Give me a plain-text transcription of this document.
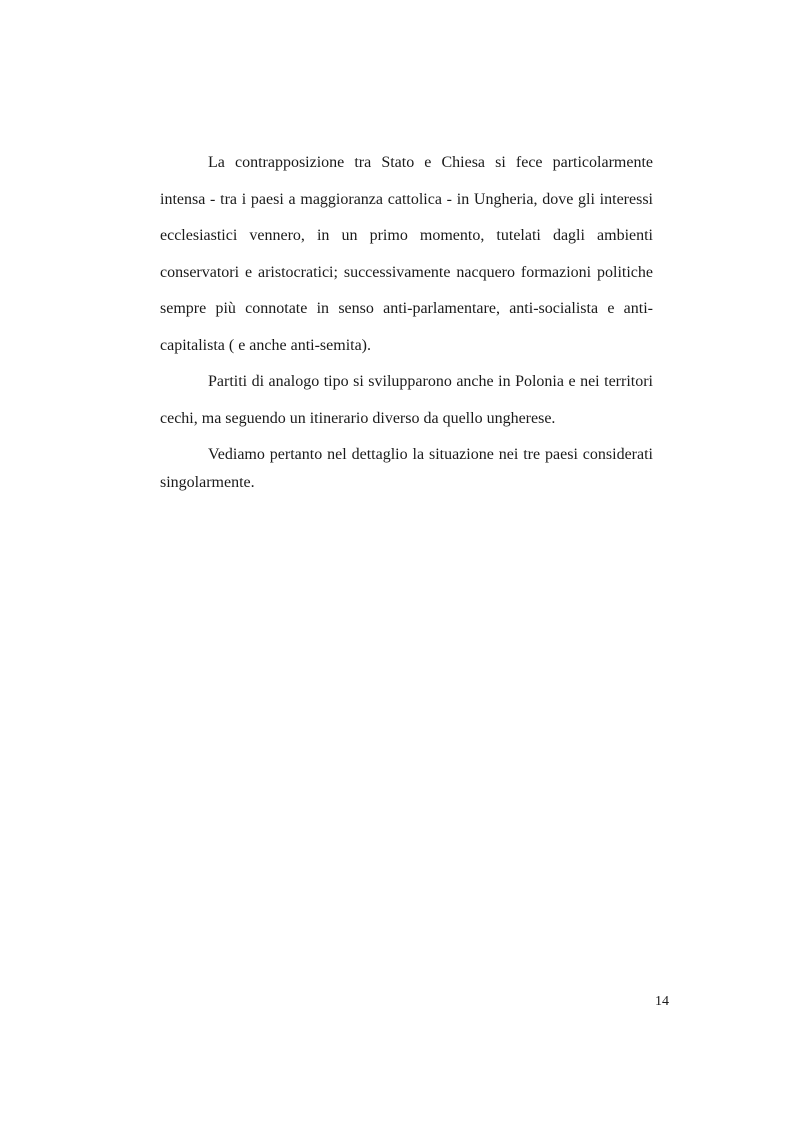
La contrapposizione tra Stato e Chiesa si fece particolarmente intensa - tra i paesi a maggioranza cattolica - in Ungheria, dove gli interessi ecclesiastici vennero, in un primo momento, tutelati dagli ambienti conservatori e aristocratici; successivamente nacquero formazioni politiche sempre più connotate in senso anti-parlamentare, anti-socialista e anti-capitalista ( e anche anti-semita).

Partiti di analogo tipo si svilupparono anche in Polonia e nei territori cechi, ma seguendo un itinerario diverso da quello ungherese.

Vediamo pertanto nel dettaglio la situazione nei tre paesi considerati singolarmente.

14
